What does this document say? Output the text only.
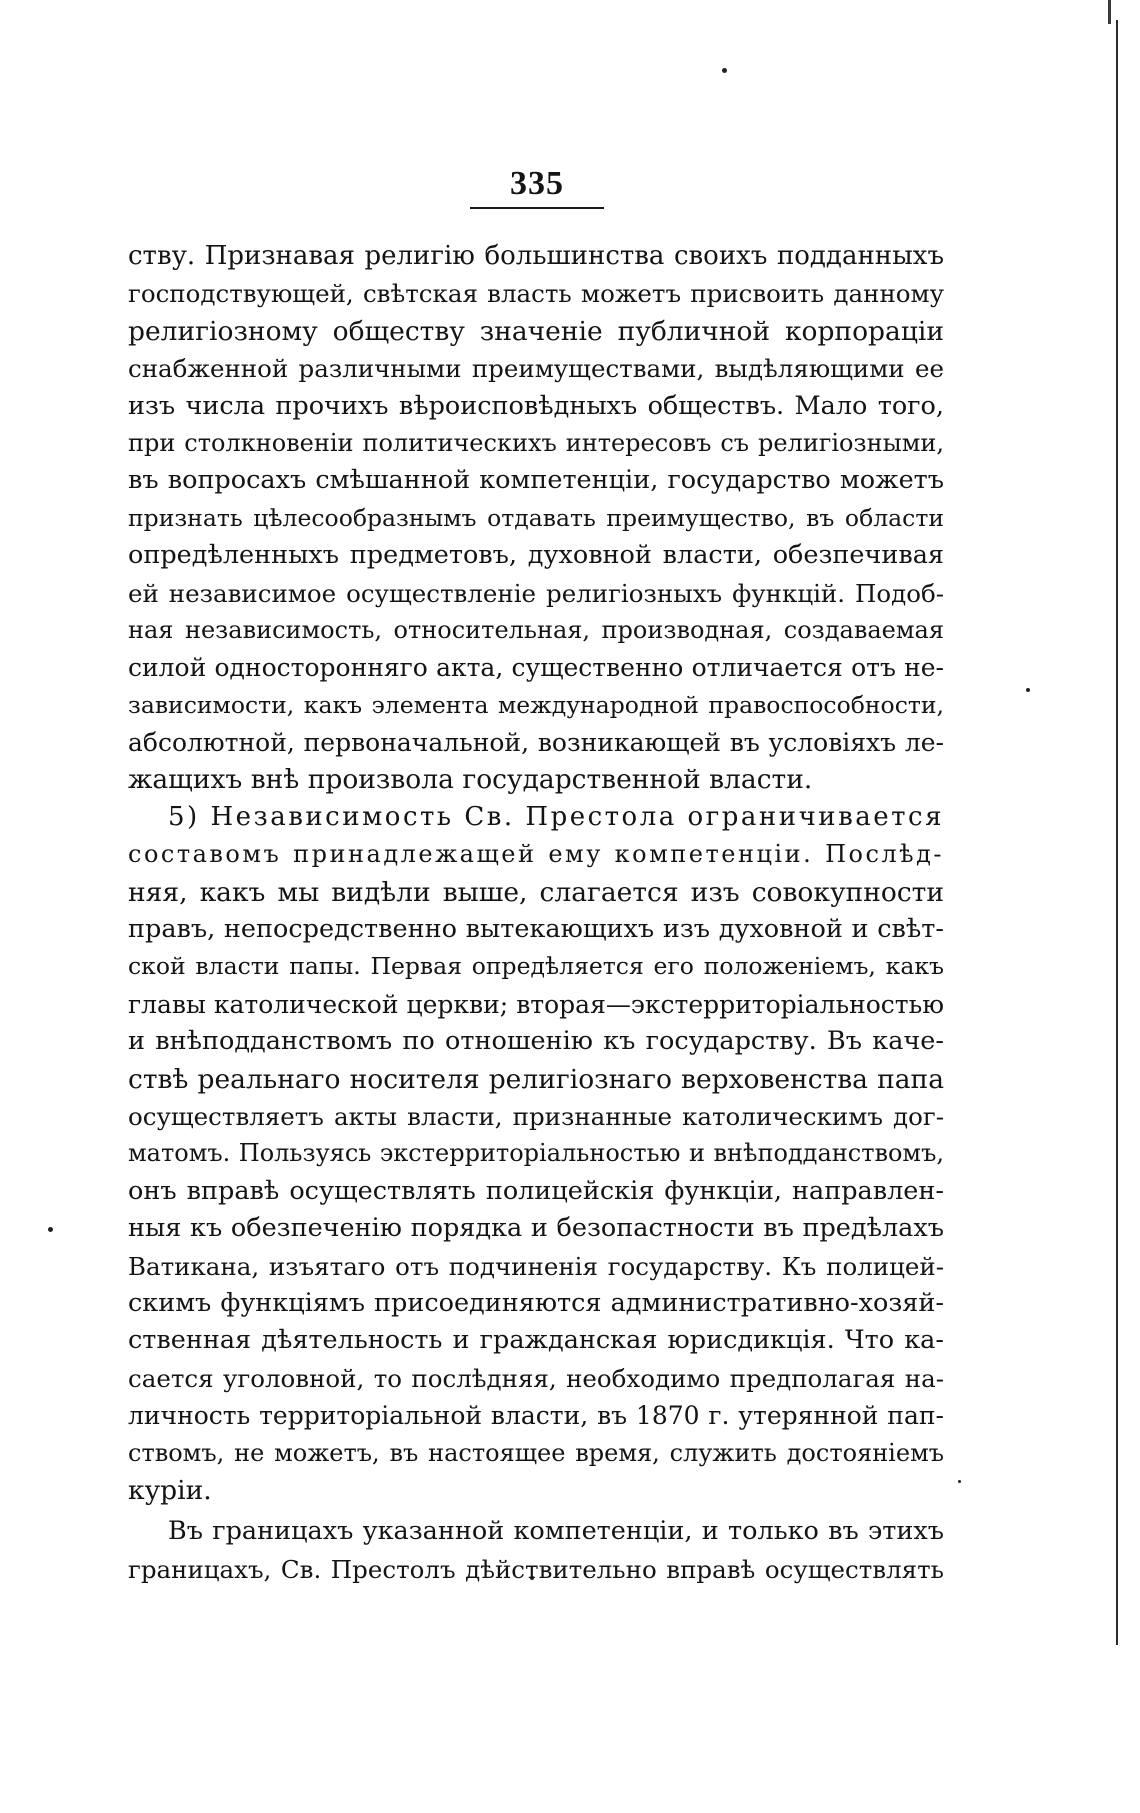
335
ству. Признавая религію большинства своихъ подданныхъ
господствующей, свѣтская власть можетъ присвоить данному
религіозному обществу значеніе публичной корпораціи
снабженной различными преимуществами, выдѣляющими ее
изъ числа прочихъ вѣроисповѣдныхъ обществъ. Мало того,
при столкновеніи политическихъ интересовъ съ религіозными,
въ вопросахъ смѣшанной компетенціи, государство можетъ
признать цѣлесообразнымъ отдавать преимущество, въ области
опредѣленныхъ предметовъ, духовной власти, обезпечивая
ей независимое осуществленіе религіозныхъ функцій. Подоб-
ная независимость, относительная, производная, создаваемая
силой одностороннягo акта, существенно отличается отъ не-
зависимости, какъ элемента международной правоспособности,
абсолютной, первоначальной, возникающей въ условіяхъ ле-
жащихъ внѣ произвола государственной власти.
5) Независимость Св. Престола ограничивается
составомъ принадлежащей ему компетенціи. Послѣд-
няя, какъ мы видѣли выше, слагается изъ совокупности
правъ, непосредственно вытекающихъ изъ духовной и свѣт-
ской власти папы. Первая опредѣляется его положеніемъ, какъ
главы католической церкви; вторая—экстерриторіальностью
и внѣподданствомъ по отношенію къ государству. Въ каче-
ствѣ реальнаго носителя религіознаго верховенства папа
осуществляетъ акты власти, признанные католическимъ дог-
матомъ. Пользуясь экстерриторіальностью и внѣподданствомъ,
онъ вправѣ осуществлять полицейскія функціи, направлен-
ныя къ обезпеченію порядка и безопастности въ предѣлахъ
Ватикана, изъятаго отъ подчиненія государству. Къ полицей-
скимъ функціямъ присоединяются административно-хозяй-
ственная дѣятельность и гражданская юрисдикція. Что ка-
сается уголовной, то послѣдняя, необходимо предполагая на-
личность территоріальной власти, въ 1870 г. утерянной пап-
ствомъ, не можетъ, въ настоящее время, служить достояніемъ
куріи.
Въ границахъ указанной компетенціи, и только въ этихъ
границахъ, Св. Престолъ дѣйствительно вправѣ осуществлять
